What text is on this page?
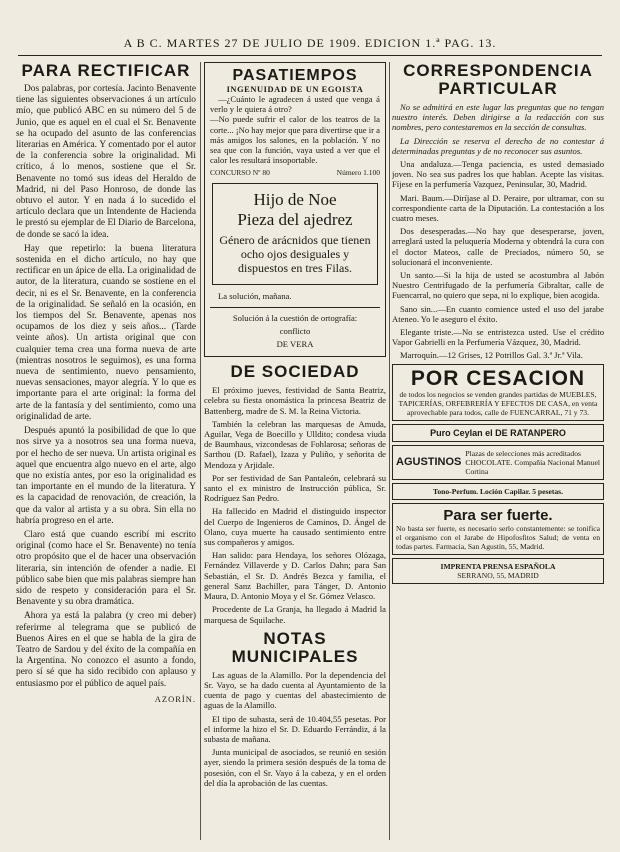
A B C. MARTES 27 DE JULIO DE 1909. EDICION 1.ª PAG. 13.
PARA RECTIFICAR

Dos palabras, por cortesía. Jacinto Benavente tiene las siguientes observaciones á un artículo mío, que publicó ABC en su número del 5 de Junio, que es aquel en el cual el Sr. Benavente se ha ocupado del asunto de las conferencias literarias en América. Y comentado por el autor de la conferencia sobre la originalidad. Mi crítico, á lo menos, sostiene que el Sr. Benavente no tomó sus ideas del Heraldo de Madrid, ni del Paso Honroso, de donde las obtuvo el autor. Y en nada á lo sucedido el artículo declara que un Intendente de Hacienda le prestó su ejemplar de El Diario de Barcelona, de donde se sacó la idea.

Hay que repetirlo: la buena literatura sostenida en el dicho artículo, no hay que rectificar en un ápice de ella. La originalidad de autor, de la literatura, cuando se sostiene en el decir, ni es el Sr. Benavente, en la conferencia de la originalidad. Se señaló en la ocasión, en los tiempos del Sr. Benavente, apenas nos ocupamos de los diez y seis años... (Tarde veinte años). Un artista original que con cualquier tema crea una forma nueva de arte (mientras nosotros le seguimos), es una forma nueva de sentimiento, nuevo pensamiento, nuevas sensaciones, mayor alegría. Y lo que es importante para el arte original: la forma del arte de la fantasía y del sentimiento, como una originalidad de arte.

Después apuntó la posibilidad de que lo que nos sirve ya a nosotros sea una forma nueva, por el hecho de ser nueva. Un artista original es aquel que encuentra algo nuevo en el arte, algo que no existía antes, por eso la originalidad es tan importante en el mundo de la literatura. Y es la capacidad de renovación, de creación, la que da valor al artista y a su obra. Sin ella no habría progreso en el arte.

Claro está que cuando escribí mi escrito original (como hace el Sr. Benavente) no tenía otro propósito que el de hacer una observación literaria, sin intención de ofender a nadie. El público sabe bien que mis palabras siempre han sido de respeto y consideración para el Sr. Benavente y su obra dramática.

Ahora ya está la palabra (y creo mi deber) referirme al telegrama que se publicó de Buenos Aires en el que se habla de la gira de Teatro de Sardou y del éxito de la compañía en la Argentina. No conozco el asunto a fondo, pero sí sé que ha sido recibido con aplauso y entusiasmo por el público de aquel país.

AZORÍN.
PASATIEMPOS
INGENUIDAD DE UN EGOISTA

—¿Cuánto le agradecen á usted que venga á verlo y le quiera á otro?
—No puede sufrir el calor de los teatros de la corte... ¡No hay mejor que para divertirse que ir a más amigos los salones, en la población. Y no sea que con la función, vaya usted a ver que el calor les resultará insoportable.

CONCURSO Nº 80	Número 1.100
Hijo de Noe
Pieza del ajedrez
Género de arácnidos que tienen ocho ojos desiguales y dispuestos en tres Filas.

La solución, mañana.

Solución á la cuestión de ortografía:

conflicto

DE VERA

DE SOCIEDAD

El próximo jueves, festividad de Santa Beatriz, celebra su fiesta onomástica la princesa Beatriz de Battenberg, madre de S. M. la Reina Victoria.

También la celebran las marquesas de Amuda, Aguilar, Vega de Boecillo y Ulldito; condesa viuda de Baumhaus, vizcondesas de Fohlarosa; señoras de Sarthou (D. Rafael), Izaza y Puliño, y señorita de Mendoza y Arjidale.

Por ser festividad de San Pantaleón, celebrará su santo el ex ministro de Instrucción pública, Sr. Rodríguez San Pedro.

Ha fallecido en Madrid el distinguido inspector del Cuerpo de Ingenieros de Caminos, D. Ángel de Olano, cuya muerte ha causado sentimiento entre sus compañeros y amigos.

Han salido: para Hendaya, los señores Olózaga, Fernández Villaverde y D. Carlos Dahn; para San Sebastián, el Sr. D. Andrés Bezca y familia, el general Sanz Bachiller, para Tánger, D. Antonio Maura, D. Antonio Moya y el Sr. Gómez Velasco.

Procedente de La Granja, ha llegado á Madrid la marquesa de Squilache.

NOTAS MUNICIPALES

Las aguas de la Alamillo. Por la dependencia del Sr. Vayo, se ha dado cuenta al Ayuntamiento de la cuenta de pago y cuentas del abastecimiento de aguas de la Alamillo.

El tipo de subasta, será de 10.404,55 pesetas. Por el informe la hizo el Sr. D. Eduardo Ferrándiz, á la subasta de mañana.

Junta municipal de asociados, se reunió en sesión ayer, siendo la primera sesión después de la toma de posesión, con el Sr. Vayo á la cabeza, y en el orden del día la aprobación de las cuentas.

CORRESPONDENCIA
PARTICULAR

No se admitirá en este lugar las preguntas que no tengan nuestro interés. Deben dirigirse a la redacción con sus nombres, pero contestaremos en la sección de consultas.

La Dirección se reserva el derecho de no contestar á determinadas preguntas y de no reconocer sus asuntos.

Una andaluza.—Tenga paciencia, es usted demasiado joven. No sea sus padres los que hablan. Acepte las visitas. Fíjese en la perfumería Vazquez, Peninsular, 30, Madrid.

Mari. Baum.—Diríjase al D. Peraire, por ultramar, con su correspondiente carta de la Diputación. La contestación a los cuatro meses.

Dos desesperadas.—No hay que desesperarse, joven, arreglará usted la peluquería Moderna y obtendrá la cura con el doctor Mateos, calle de Preciados, número 50, se solucionará el inconveniente.

Un santo.—Si la hija de usted se acostumbra al Jabón Nuestro Centrifugado de la perfumería Gibraltar, calle de Fuencarral, no quiero que sepa, ni lo explique, bien acogida.

Sano sin...—En cuanto comience usted el uso del jarabe Ateneo. Yo le aseguro el éxito.

Elegante triste.—No se entristezca usted. Use el crédito Vapor Gabrielli en la Perfumería Vázquez, 30, Madrid.

Marroquín.—12 Grises, 12 Potrillos Gal. 3.ª Jr.ª Vila.

POR CESACION
de todos los negocios se venden grandes partidas de MUEBLES, TAPICERÍAS, ORFEBRERÍA Y EFECTOS DE CASA, en venta aprovechable para todos, calle de FUENCARRAL, 71 y 73.
Puro Ceylan el DE RATANPERO
AGUSTINOS
Plazas de selecciones más acreditados CHOCOLATE. Compañía Nacional Manuel Cortina
Tono-Perfum. Loción Capilar. 5 pesetas.
Para ser fuerte.
No basta ser fuerte, es necesario serlo constantemente: se tonifica el organismo con el Jarabe de Hipofosfitos Salud; de venta en todas partes. Farmacia, San Agustín, 55, Madrid.
IMPRENTA PRENSA ESPAÑOLA
SERRANO, 55, MADRID
